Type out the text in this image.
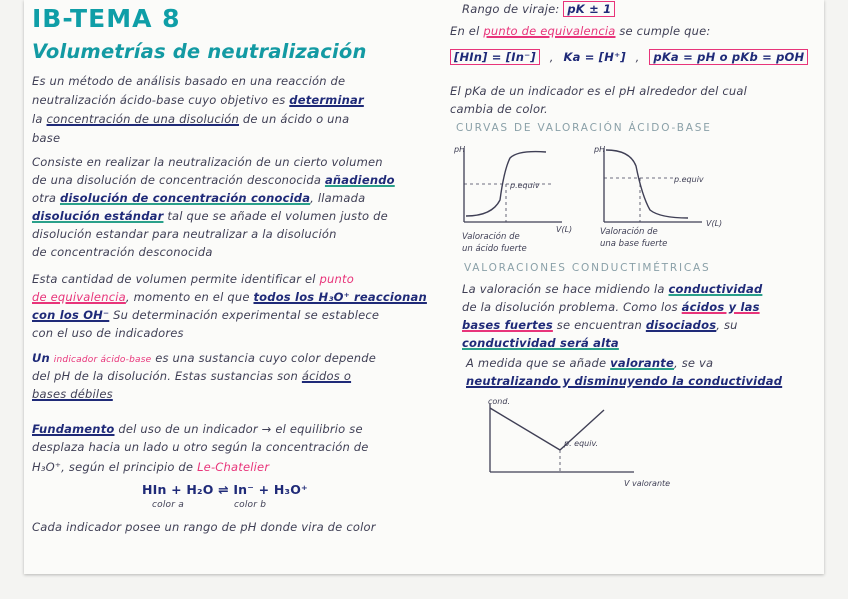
IB-TEMA 8
Volumetrías de neutralización
Es un método de análisis basado en una reacción de
neutralización ácido-base cuyo objetivo es determinar
la concentración de una disolución de un ácido o una
base
Consiste en realizar la neutralización de un cierto volumen
de una disolución de concentración desconocida añadiendo
otra disolución de concentración conocida, llamada
disolución estándar tal que se añade el volumen justo de
disolución estandar para neutralizar a la disolución
de concentración desconocida
Esta cantidad de volumen permite identificar el punto
de equivalencia, momento en el que todos los H₃O⁺ reaccionan
con los OH⁻ Su determinación experimental se establece
con el uso de indicadores
Un indicador ácido-base es una sustancia cuyo color depende
del pH de la disolución. Estas sustancias son ácidos o
bases débiles
Fundamento del uso de un indicador → el equilibrio se
desplaza hacia un lado u otro según la concentración de
H₃O⁺, según el principio de Le-Chatelier
HIn + H₂O ⇌ In⁻ + H₃O⁺
color a	color b
Cada indicador posee un rango de pH donde vira de color
Rango de viraje: pK ± 1
En el punto de equivalencia se cumple que:
[HIn] = [In⁻] , Ka = [H⁺] , pKa = pH o pKb = pOH
El pKa de un indicador es el pH alrededor del cual
cambia de color.
CURVAS DE VALORACIÓN ÁCIDO-BASE
pH
p.equiv
V(L)
Valoración de
un ácido fuerte
pH
p.equiv
V(L)
Valoración de
una base fuerte
VALORACIONES CONDUCTIMÉTRICAS
La valoración se hace midiendo la conductividad
de la disolución problema. Como los ácidos y las
bases fuertes se encuentran disociados, su
conductividad será alta
A medida que se añade valorante, se va
neutralizando y disminuyendo la conductividad
cond.
p. equiv.
V valorante
